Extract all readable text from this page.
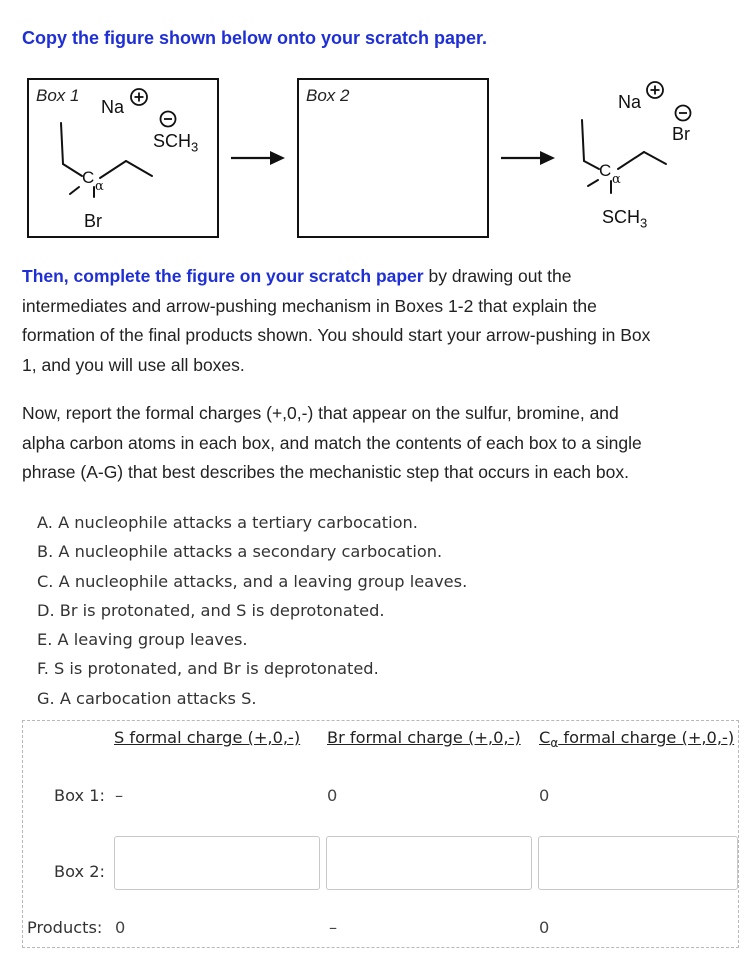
Copy the figure shown below onto your scratch paper.
Box 1	Box 2
Na
$SCH_3$
C α
Br
Na
Br
C α
$SCH_3$
Then, complete the figure on your scratch paper by drawing out the
intermediates and arrow-pushing mechanism in Boxes 1-2 that explain the
formation of the final products shown. You should start your arrow-pushing in Box
1, and you will use all boxes.
Now, report the formal charges (+,0,-) that appear on the sulfur, bromine, and
alpha carbon atoms in each box, and match the contents of each box to a single
phrase (A-G) that best describes the mechanistic step that occurs in each box.
A. A nucleophile attacks a tertiary carbocation.
B. A nucleophile attacks a secondary carbocation.
C. A nucleophile attacks, and a leaving group leaves.
D. Br is protonated, and S is deprotonated.
E. A leaving group leaves.
F. S is protonated, and Br is deprotonated.
G. A carbocation attacks S.
S formal charge (+,0,-) Br formal charge (+,0,-) $C_\alpha$ formal charge (+,0,-)
Box 1: –	0	0
Box 2:
Products: 0	–	0
